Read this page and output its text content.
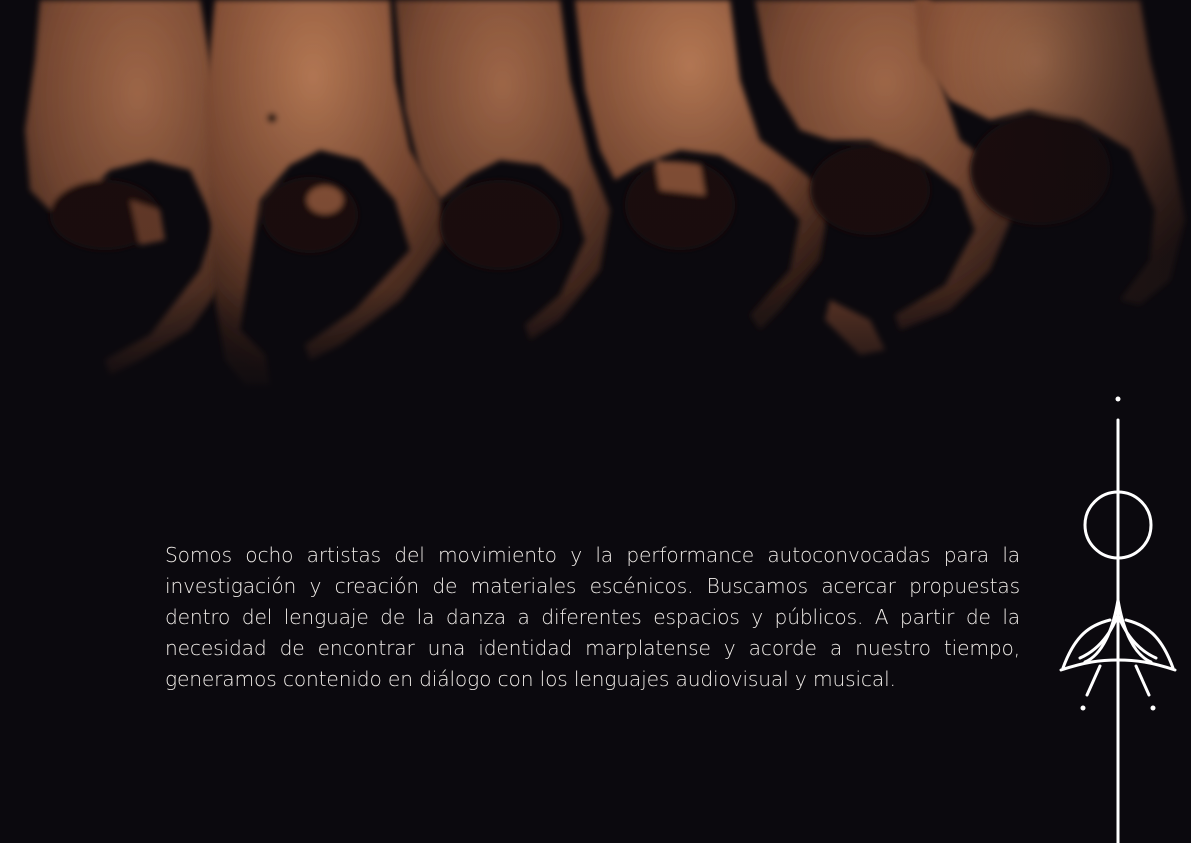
Somos ocho artistas del movimiento y la performance autoconvocadas para la investigación y creación de materiales escénicos. Buscamos acercar propuestas dentro del lenguaje de la danza a diferentes espacios y públicos. A partir de la necesidad de encontrar una identidad marplatense y acorde a nuestro tiempo, generamos contenido en diálogo con los lenguajes audiovisual y musical.
